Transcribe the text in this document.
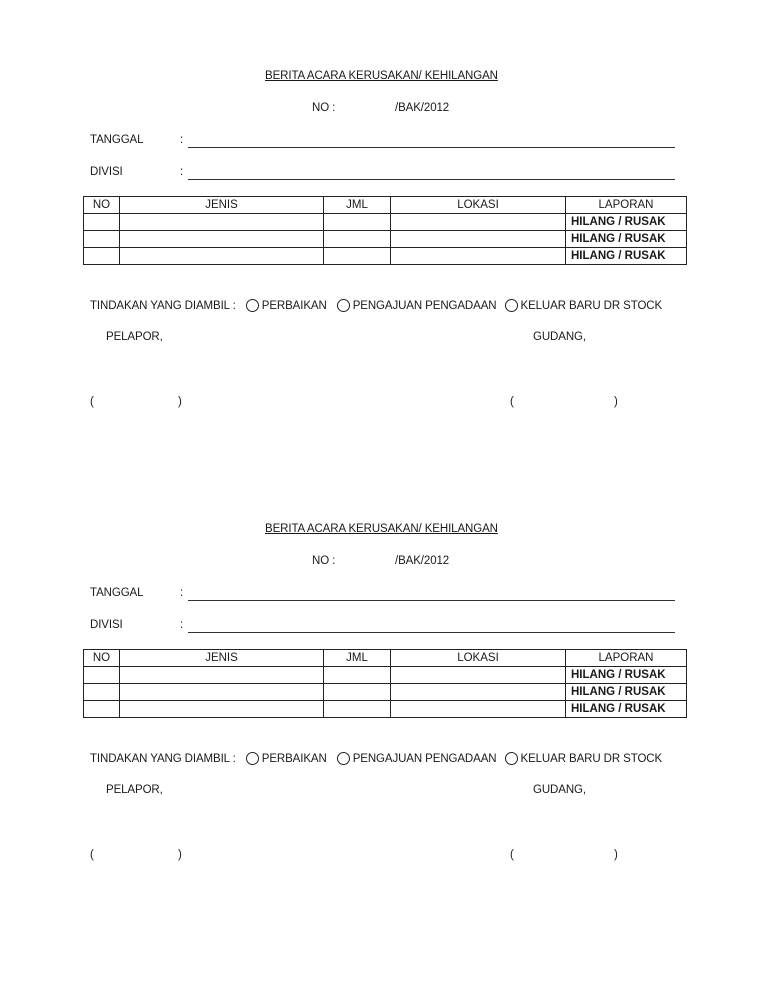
BERITA ACARA KERUSAKAN/ KEHILANGAN
NO :	/BAK/2012
TANGGAL	:
DIVISI	:
NO	JENIS	JML	LOKASI	LAPORAN
				HILANG / RUSAK
				HILANG / RUSAK
				HILANG / RUSAK
TINDAKAN YANG DIAMBIL : PERBAIKAN PENGAJUAN PENGADAAN KELUAR BARU DR STOCK
PELAPOR,	GUDANG,
(	)	(	)
BERITA ACARA KERUSAKAN/ KEHILANGAN
NO :	/BAK/2012
TANGGAL	:
DIVISI	:
NO	JENIS	JML	LOKASI	LAPORAN
				HILANG / RUSAK
				HILANG / RUSAK
				HILANG / RUSAK
TINDAKAN YANG DIAMBIL : PERBAIKAN PENGAJUAN PENGADAAN KELUAR BARU DR STOCK
PELAPOR,	GUDANG,
(	)	(	)
